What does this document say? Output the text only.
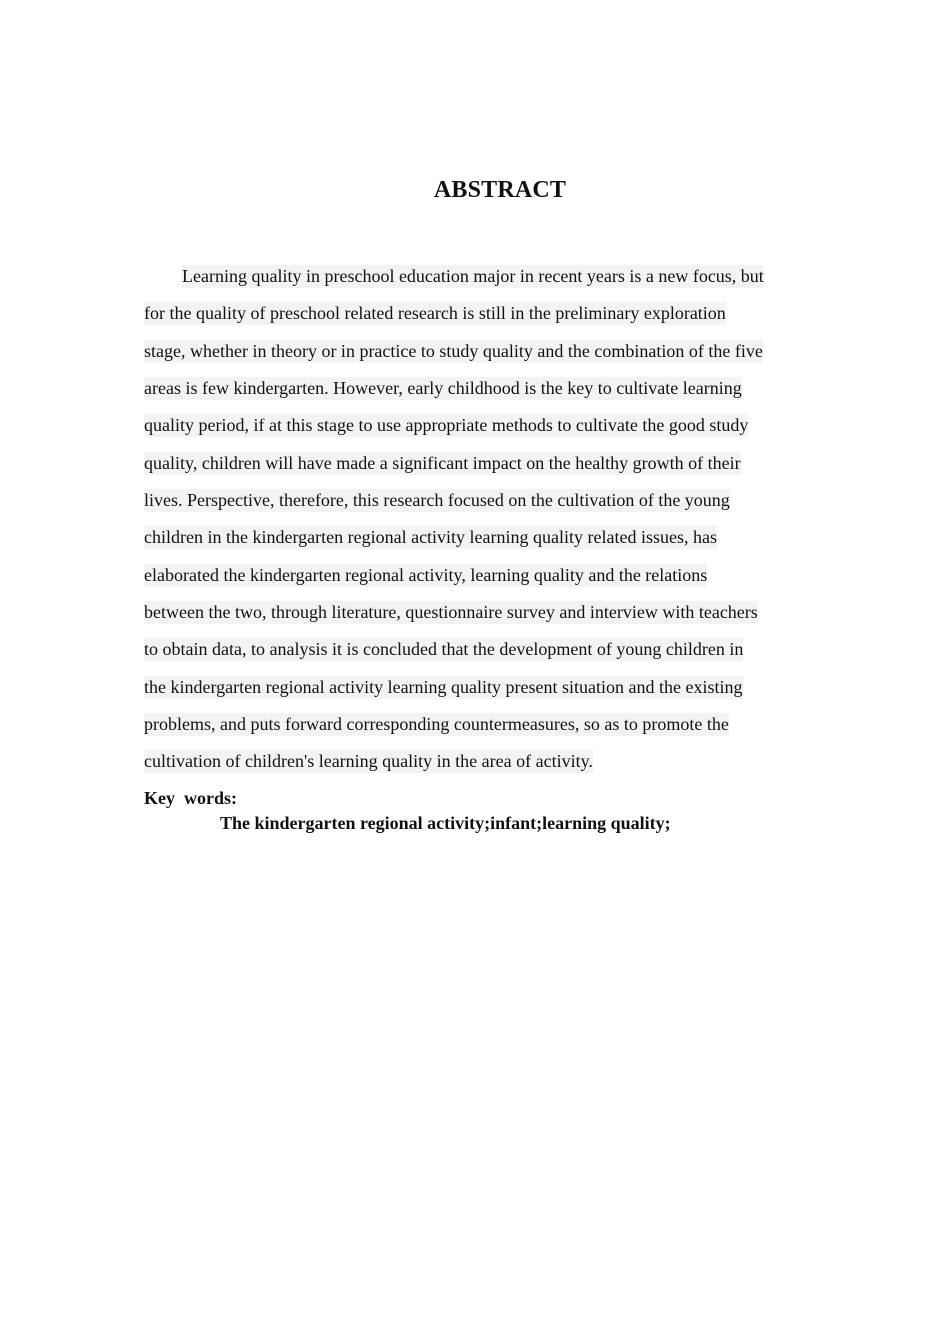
ABSTRACT
Learning quality in preschool education major in recent years is a new focus, but
for the quality of preschool related research is still in the preliminary exploration
stage, whether in theory or in practice to study quality and the combination of the five
areas is few kindergarten. However, early childhood is the key to cultivate learning
quality period, if at this stage to use appropriate methods to cultivate the good study
quality, children will have made a significant impact on the healthy growth of their
lives. Perspective, therefore, this research focused on the cultivation of the young
children in the kindergarten regional activity learning quality related issues, has
elaborated the kindergarten regional activity, learning quality and the relations
between the two, through literature, questionnaire survey and interview with teachers
to obtain data, to analysis it is concluded that the development of young children in
the kindergarten regional activity learning quality present situation and the existing
problems, and puts forward corresponding countermeasures, so as to promote the
cultivation of children's learning quality in the area of activity.
Key  words:
The kindergarten regional activity;infant;learning quality;
